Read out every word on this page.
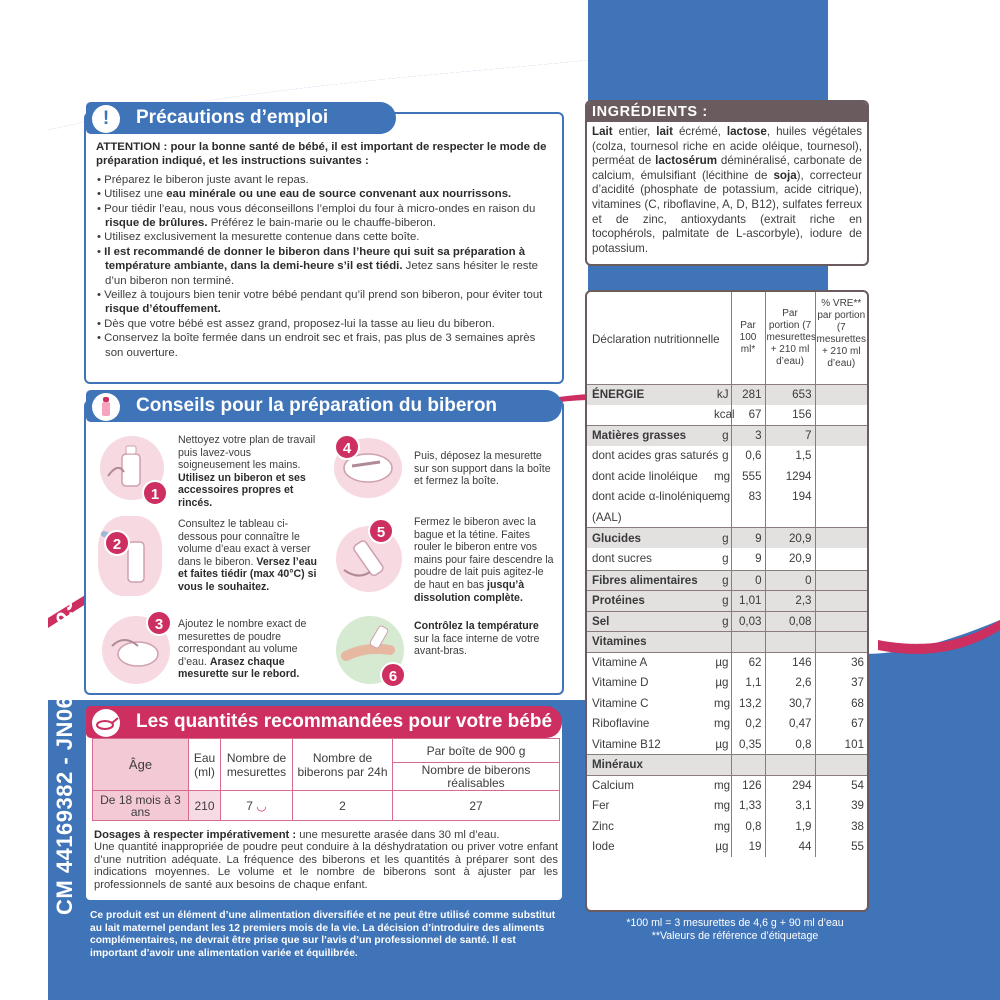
CM 44169382 - JN060 - 100233940
!	Précautions d’emploi

ATTENTION : pour la bonne santé de bébé, il est important de respecter le mode de préparation indiqué, et les instructions suivantes :

• Préparez le biberon juste avant le repas.

• Utilisez une eau minérale ou une eau de source convenant aux nourrissons.

• Pour tiédir l’eau, nous vous déconseillons l’emploi du four à micro-ondes en raison du risque de brûlures. Préférez le bain-marie ou le chauffe-biberon.

• Utilisez exclusivement la mesurette contenue dans cette boîte.

• Il est recommandé de donner le biberon dans l’heure qui suit sa préparation à température ambiante, dans la demi-heure s’il est tiédi. Jetez sans hésiter le reste d’un biberon non terminé.

• Veillez à toujours bien tenir votre bébé pendant qu’il prend son biberon, pour éviter tout risque d’étouffement.

• Dès que votre bébé est assez grand, proposez-lui la tasse au lieu du biberon.

• Conservez la boîte fermée dans un endroit sec et frais, pas plus de 3 semaines après son ouverture.

Conseils pour la préparation du biberon
1
Nettoyez votre plan de travail puis lavez-vous soigneusement les mains. Utilisez un biberon et ses accessoires propres et rincés.
2
Consultez le tableau ci-dessous pour connaître le volume d’eau exact à verser dans le biberon. Versez l’eau et faites tiédir (max 40°C) si vous le souhaitez.
3	Ajoutez le nombre exact de mesurettes de poudre correspondant au volume d’eau. Arasez chaque mesurette sur le rebord.
4	Puis, déposez la mesurette sur son support dans la boîte et fermez la boîte.
5
Fermez le biberon avec la bague et la tétine. Faites rouler le biberon entre vos mains pour faire descendre la poudre de lait puis agitez-le de haut en bas jusqu’à dissolution complète.
6
Contrôlez la température sur la face interne de votre avant-bras.
Les quantités recommandées pour votre bébé
Âge	Eau (ml)	Nombre de mesurettes	Nombre de biberons par 24h	Par boîte de 900 g
				Nombre de biberons réalisables
De 18 mois à 3 ans	210	7 ◡	2	27

Dosages à respecter impérativement : une mesurette arasée dans 30 ml d’eau.

Une quantité inappropriée de poudre peut conduire à la déshydratation ou priver votre enfant d’une nutrition adéquate. La fréquence des biberons et les quantités à préparer sont des indications moyennes. Le volume et le nombre de biberons sont à ajuster par les professionnels de santé aux besoins de chaque enfant.

Ce produit est un élément d’une alimentation diversifiée et ne peut être utilisé comme substitut au lait maternel pendant les 12 premiers mois de la vie. La décision d’introduire des aliments complémentaires, ne devrait être prise que sur l’avis d’un professionnel de santé. Il est important d’avoir une alimentation variée et équilibrée.
INGRÉDIENTS :
Lait entier, lait écrémé, lactose, huiles végétales (colza, tournesol riche en acide oléique, tournesol), perméat de lactosérum déminéralisé, carbonate de calcium, émulsifiant (lécithine de soja), correcteur d’acidité (phosphate de potassium, acide citrique), vitamines (C, riboflavine, A, D, B12), sulfates ferreux et de zinc, antioxydants (extrait riche en tocophérols, palmitate de L-ascorbyle), iodure de potassium.
Déclaration nutritionnelle		Par 100 ml*	Par portion (7 mesurettes + 210 ml d’eau)	% VRE** par portion (7 mesurettes + 210 ml d’eau)
ÉNERGIE	kJ	281	653	
	kcal	67	156	
Matières grasses	g	3	7	
dont acides gras saturés	g	0,6	1,5	
dont acide linoléique	mg	555	1294	
dont acide α-linolénique	mg	83	194	
(AAL)				
Glucides	g	9	20,9	
dont sucres	g	9	20,9	
Fibres alimentaires	g	0	0	
Protéines	g	1,01	2,3	
Sel	g	0,03	0,08	
Vitamines				
Vitamine A	µg	62	146	36
Vitamine D	µg	1,1	2,6	37
Vitamine C	mg	13,2	30,7	68
Riboflavine	mg	0,2	0,47	67
Vitamine B12	µg	0,35	0,8	101
Minéraux				
Calcium	mg	126	294	54
Fer	mg	1,33	3,1	39
Zinc	mg	0,8	1,9	38
Iode	µg	19	44	55

*100 ml = 3 mesurettes de 4,6 g + 90 ml d’eau

**Valeurs de référence d’étiquetage
